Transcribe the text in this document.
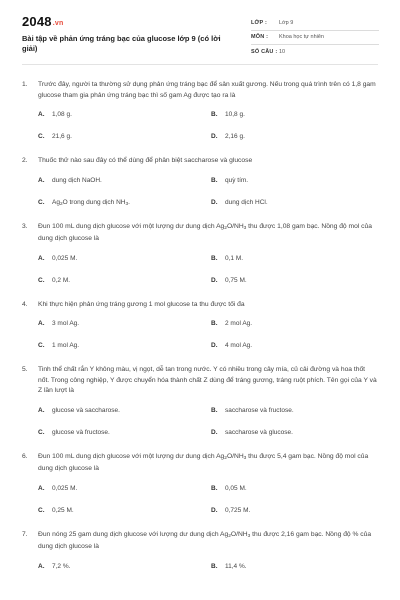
2048.vn
Bài tập về phản ứng tráng bạc của glucose lớp 9 (có lời giải)
LỚP :	Lớp 9
MÔN :	Khoa học tự nhiên
SỐ CÂU : 10
1.	Trước đây, người ta thường sử dụng phản ứng tráng bạc để sản xuất gương. Nếu trong quá trình trên có 1,8 gam glucose tham gia phản ứng tráng bạc thì số gam Ag được tạo ra là
A.	1,08 g.	B.	10,8 g.
C.	21,6 g.	D.	2,16 g.
2.	Thuốc thử nào sau đây có thể dùng để phân biệt saccharose và glucose
A.	dung dịch NaOH.	B.	quỳ tím.
C.	$Ag_2O$ trong dung dịch $NH_3$.	D.	dung dịch HCl.
3.	Đun 100 mL dung dịch glucose với một lượng dư dung dịch $Ag_2O/NH_3$ thu được 1,08 gam bạc. Nồng độ mol của dung dịch glucose là
A.	0,025 M.	B.	0,1 M.
C.	0,2 M.	D.	0,75 M.
4.	Khi thực hiện phản ứng tráng gương 1 mol glucose ta thu được tối đa
A.	3 mol Ag.	B.	2 mol Ag.
C.	1 mol Ag.	D.	4 mol Ag.
5.	Tinh thể chất rắn Y không màu, vị ngọt, dễ tan trong nước. Y có nhiều trong cây mía, củ cải đường và hoa thốt nốt. Trong công nghiệp, Y được chuyển hóa thành chất Z dùng để tráng gương, tráng ruột phích. Tên gọi của Y và Z lần lượt là
A.	glucose và saccharose.	B.	saccharose và fructose.
C.	glucose và fructose.	D.	saccharose và glucose.
6.	Đun 100 mL dung dịch glucose với một lượng dư dung dịch $Ag_2O/NH_3$ thu được 5,4 gam bạc. Nồng độ mol của dung dịch glucose là
A.	0,025 M.	B.	0,05 M.
C.	0,25 M.	D.	0,725 M.
7.	Đun nóng 25 gam dung dịch glucose với lượng dư dung dịch $Ag_2O/NH_3$ thu được 2,16 gam bạc. Nồng độ % của dung dịch glucose là
A.	7,2 %.	B.	11,4 %.
